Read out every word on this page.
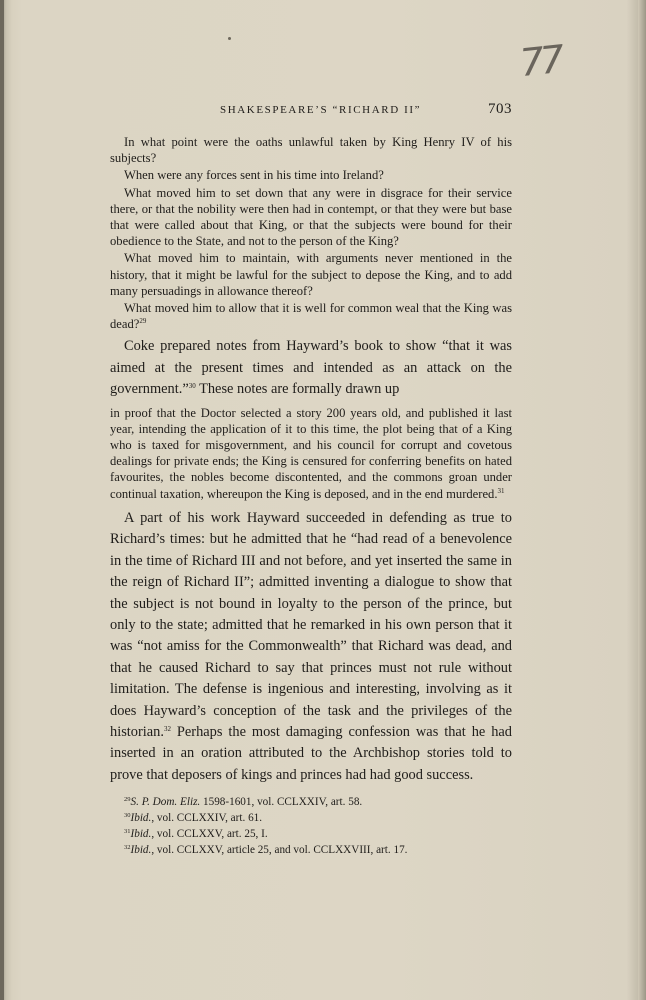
77
SHAKESPEARE’S “RICHARD II”	703

In what point were the oaths unlawful taken by King Henry IV of his subjects?

When were any forces sent in his time into Ireland?

What moved him to set down that any were in disgrace for their service there, or that the nobility were then had in contempt, or that they were but base that were called about that King, or that the subjects were bound for their obedience to the State, and not to the person of the King?

What moved him to maintain, with arguments never mentioned in the history, that it might be lawful for the subject to depose the King, and to add many persuadings in allowance thereof?

What moved him to allow that it is well for common weal that the King was dead?$^{29}$

Coke prepared notes from Hayward’s book to show “that it was aimed at the present times and intended as an attack on the government.”$^{30}$ These notes are formally drawn up

in proof that the Doctor selected a story 200 years old, and published it last year, intending the application of it to this time, the plot being that of a King who is taxed for misgovernment, and his council for corrupt and covetous dealings for private ends; the King is censured for conferring benefits on hated favourites, the nobles become discontented, and the commons groan under continual taxation, whereupon the King is deposed, and in the end murdered.$^{31}$

A part of his work Hayward succeeded in defending as true to Richard’s times: but he admitted that he “had read of a benevolence in the time of Richard III and not before, and yet inserted the same in the reign of Richard II”; admitted inventing a dialogue to show that the subject is not bound in loyalty to the person of the prince, but only to the state; admitted that he remarked in his own person that it was “not amiss for the Commonwealth” that Richard was dead, and that he caused Richard to say that princes must not rule without limitation. The defense is ingenious and interesting, involving as it does Hayward’s conception of the task and the privileges of the historian.$^{32}$ Perhaps the most damaging confession was that he had inserted in an oration attributed to the Archbishop stories told to prove that deposers of kings and princes had had good success.

$^{29}$S. P. Dom. Eliz. 1598-1601, vol. CCLXXIV, art. 58.

$^{30}$Ibid., vol. CCLXXIV, art. 61.

$^{31}$Ibid., vol. CCLXXV, art. 25, I.

$^{32}$Ibid., vol. CCLXXV, article 25, and vol. CCLXXVIII, art. 17.
